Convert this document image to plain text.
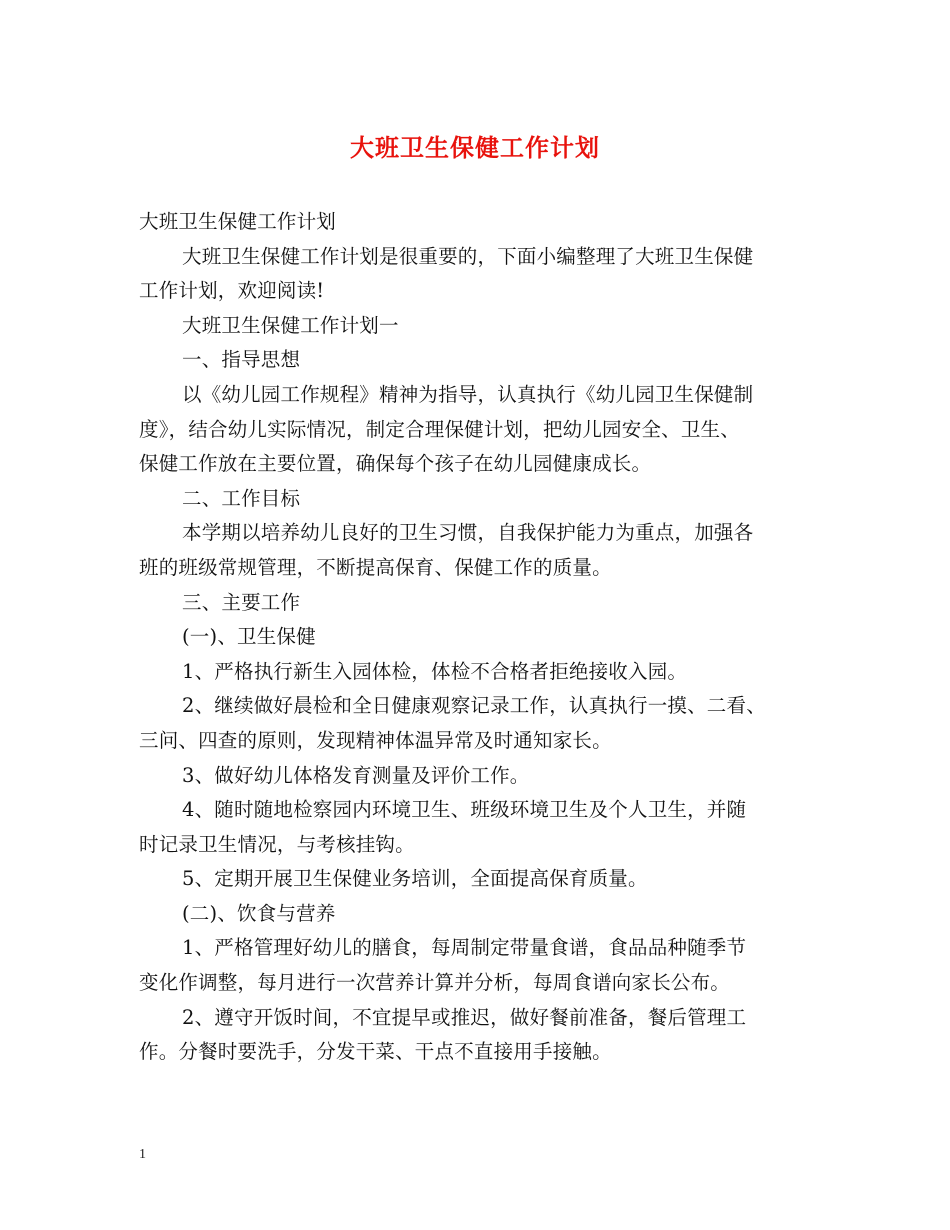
大班卫生保健工作计划
大班卫生保健工作计划
大班卫生保健工作计划是很重要的，下面小编整理了大班卫生保健
工作计划，欢迎阅读!
大班卫生保健工作计划一
一、指导思想
以《幼儿园工作规程》精神为指导，认真执行《幼儿园卫生保健制
度》，结合幼儿实际情况，制定合理保健计划，把幼儿园安全、卫生、
保健工作放在主要位置，确保每个孩子在幼儿园健康成长。
二、工作目标
本学期以培养幼儿良好的卫生习惯，自我保护能力为重点，加强各
班的班级常规管理，不断提高保育、保健工作的质量。
三、主要工作
(一)、卫生保健
1、严格执行新生入园体检，体检不合格者拒绝接收入园。
2、继续做好晨检和全日健康观察记录工作，认真执行一摸、二看、
三问、四查的原则，发现精神体温异常及时通知家长。
3、做好幼儿体格发育测量及评价工作。
4、随时随地检察园内环境卫生、班级环境卫生及个人卫生，并随
时记录卫生情况，与考核挂钩。
5、定期开展卫生保健业务培训，全面提高保育质量。
(二)、饮食与营养
1、严格管理好幼儿的膳食，每周制定带量食谱，食品品种随季节
变化作调整，每月进行一次营养计算并分析，每周食谱向家长公布。
2、遵守开饭时间，不宜提早或推迟，做好餐前准备，餐后管理工
作。分餐时要洗手，分发干菜、干点不直接用手接触。
1
